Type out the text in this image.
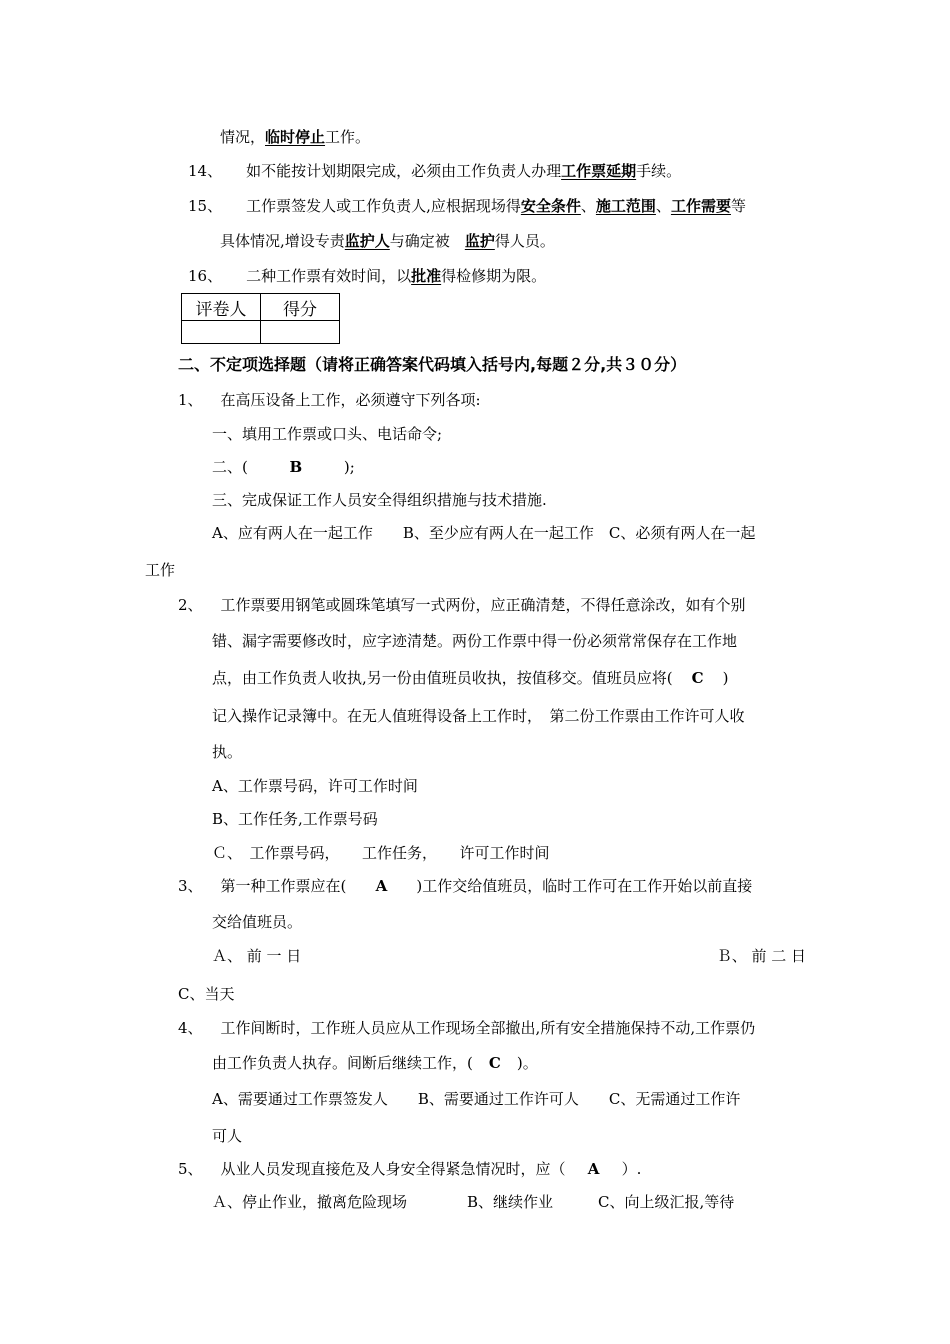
情况，临时停止工作。
14、 如不能按计划期限完成，必须由工作负责人办理工作票延期手续。
15、 工作票签发人或工作负责人,应根据现场得安全条件、施工范围、工作需要等
具体情况,增设专责监护人与确定被　监护得人员。
16、 二种工作票有效时间，以批准得检修期为限。
评卷人	得分

二、不定项选择题（请将正确答案代码填入括号内,每题２分,共３０分）
1、 在高压设备上工作，必须遵守下列各项:
一、填用工作票或口头、电话命令;
二、(	B	);
三、完成保证工作人员安全得组织措施与技术措施.
A、应有两人在一起工作　　B、至少应有两人在一起工作　C、必须有两人在一起
工作
2、 工作票要用钢笔或圆珠笔填写一式两份，应正确清楚，不得任意涂改，如有个别
错、漏字需要修改时，应字迹清楚。两份工作票中得一份必须常常保存在工作地
点，由工作负责人收执,另一份由值班员收执，按值移交。值班员应将( C )
记入操作记录簿中。在无人值班得设备上工作时，　第二份工作票由工作许可人收
执。
A、工作票号码，许可工作时间
B、工作任务,工作票号码
Ｃ、　工作票号码，　　工作任务，　　许可工作时间
3、 第一种工作票应在( A )工作交给值班员，临时工作可在工作开始以前直接
交给值班员。
Ａ、 前 一 日	Ｂ、 前 二 日
C、当天
4、 工作间断时，工作班人员应从工作现场全部撤出,所有安全措施保持不动,工作票仍
由工作负责人执存。间断后继续工作，( C )。
A、需要通过工作票签发人　　B、需要通过工作许可人　　C、无需通过工作许
可人
5、 从业人员发现直接危及人身安全得紧急情况时，应（ A ）.
Ａ、停止作业，撤离危险现场　　　　B、继续作业　　　C、向上级汇报,等待
